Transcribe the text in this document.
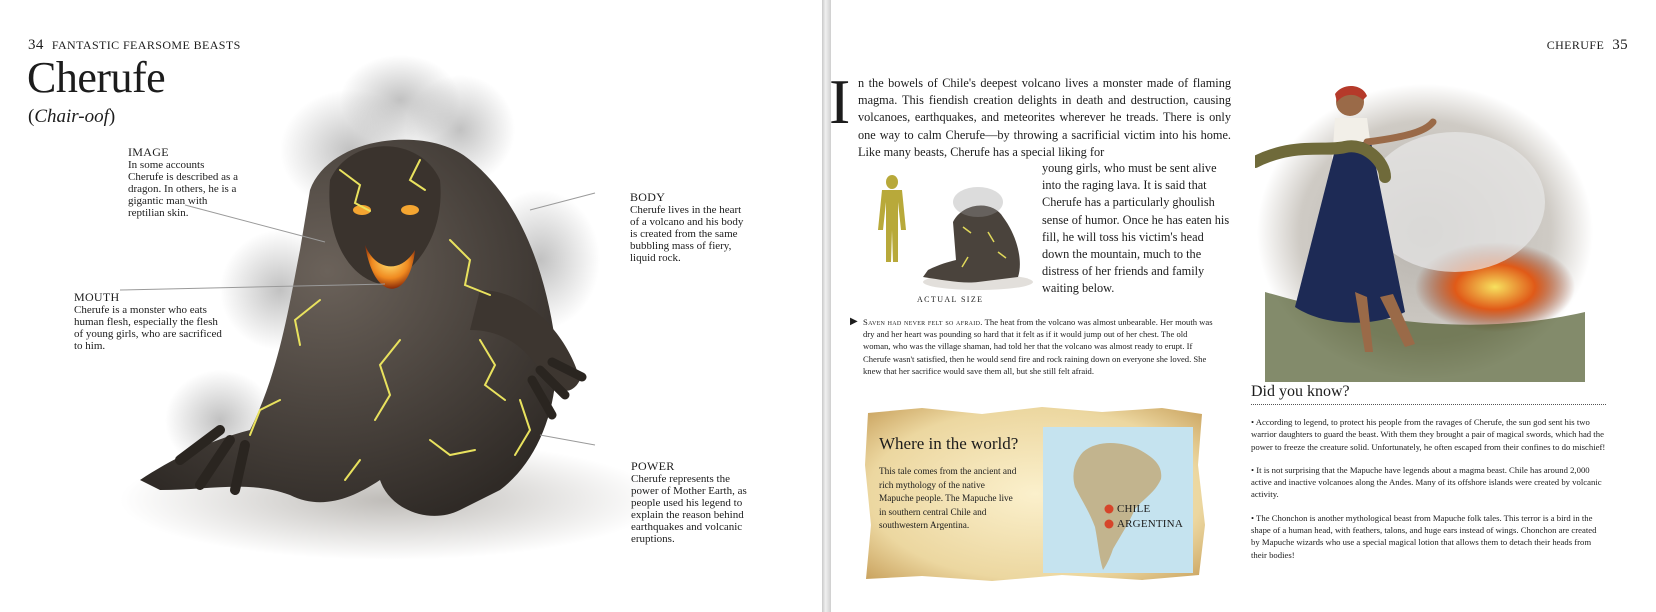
34 FANTASTIC FEARSOME BEASTS
Cherufe
(Chair-oof)
IMAGE
In some accounts Cherufe is described as a dragon. In others, he is a gigantic man with reptilian skin.
MOUTH
Cherufe is a monster who eats human flesh, especially the flesh of young girls, who are sacrificed to him.
BODY
Cherufe lives in the heart of a volcano and his body is created from the same bubbling mass of fiery, liquid rock.
POWER
Cherufe represents the power of Mother Earth, as people used his legend to explain the reason behind earthquakes and volcanic eruptions.
CHERUFE 35
I n the bowels of Chile's deepest volcano lives a monster made of flaming magma. This fiendish creation delights in death and destruction, causing volcanoes, earthquakes, and meteorites wherever he treads. There is only one way to calm Cherufe—by throwing a sacrificial victim into his home. Like many beasts, Cherufe has a special liking for
young girls, who must be sent alive into the raging lava. It is said that Cherufe has a particularly ghoulish sense of humor. Once he has eaten his fill, he will toss his victim's head down the mountain, much to the distress of her friends and family waiting below.
ACTUAL SIZE
▶ Saven had never felt so afraid. The heat from the volcano was almost unbearable. Her mouth was dry and her heart was pounding so hard that it felt as if it would jump out of her chest. The old woman, who was the village shaman, had told her that the volcano was almost ready to erupt. If Cherufe wasn't satisfied, then he would send fire and rock raining down on everyone she loved. She knew that her sacrifice would save them all, but she still felt afraid.
Where in the world?
This tale comes from the ancient and rich mythology of the native Mapuche people. The Mapuche live in southern central Chile and southwestern Argentina.
CHILE
ARGENTINA
Did you know?
• According to legend, to protect his people from the ravages of Cherufe, the sun god sent his two warrior daughters to guard the beast. With them they brought a pair of magical swords, which had the power to freeze the creature solid. Unfortunately, he often escaped from their confines to do mischief!
• It is not surprising that the Mapuche have legends about a magma beast. Chile has around 2,000 active and inactive volcanoes along the Andes. Many of its offshore islands were created by volcanic activity.
• The Chonchon is another mythological beast from Mapuche folk tales. This terror is a bird in the shape of a human head, with feathers, talons, and huge ears instead of wings. Chonchon are created by Mapuche wizards who use a special magical lotion that allows them to detach their heads from their bodies!
